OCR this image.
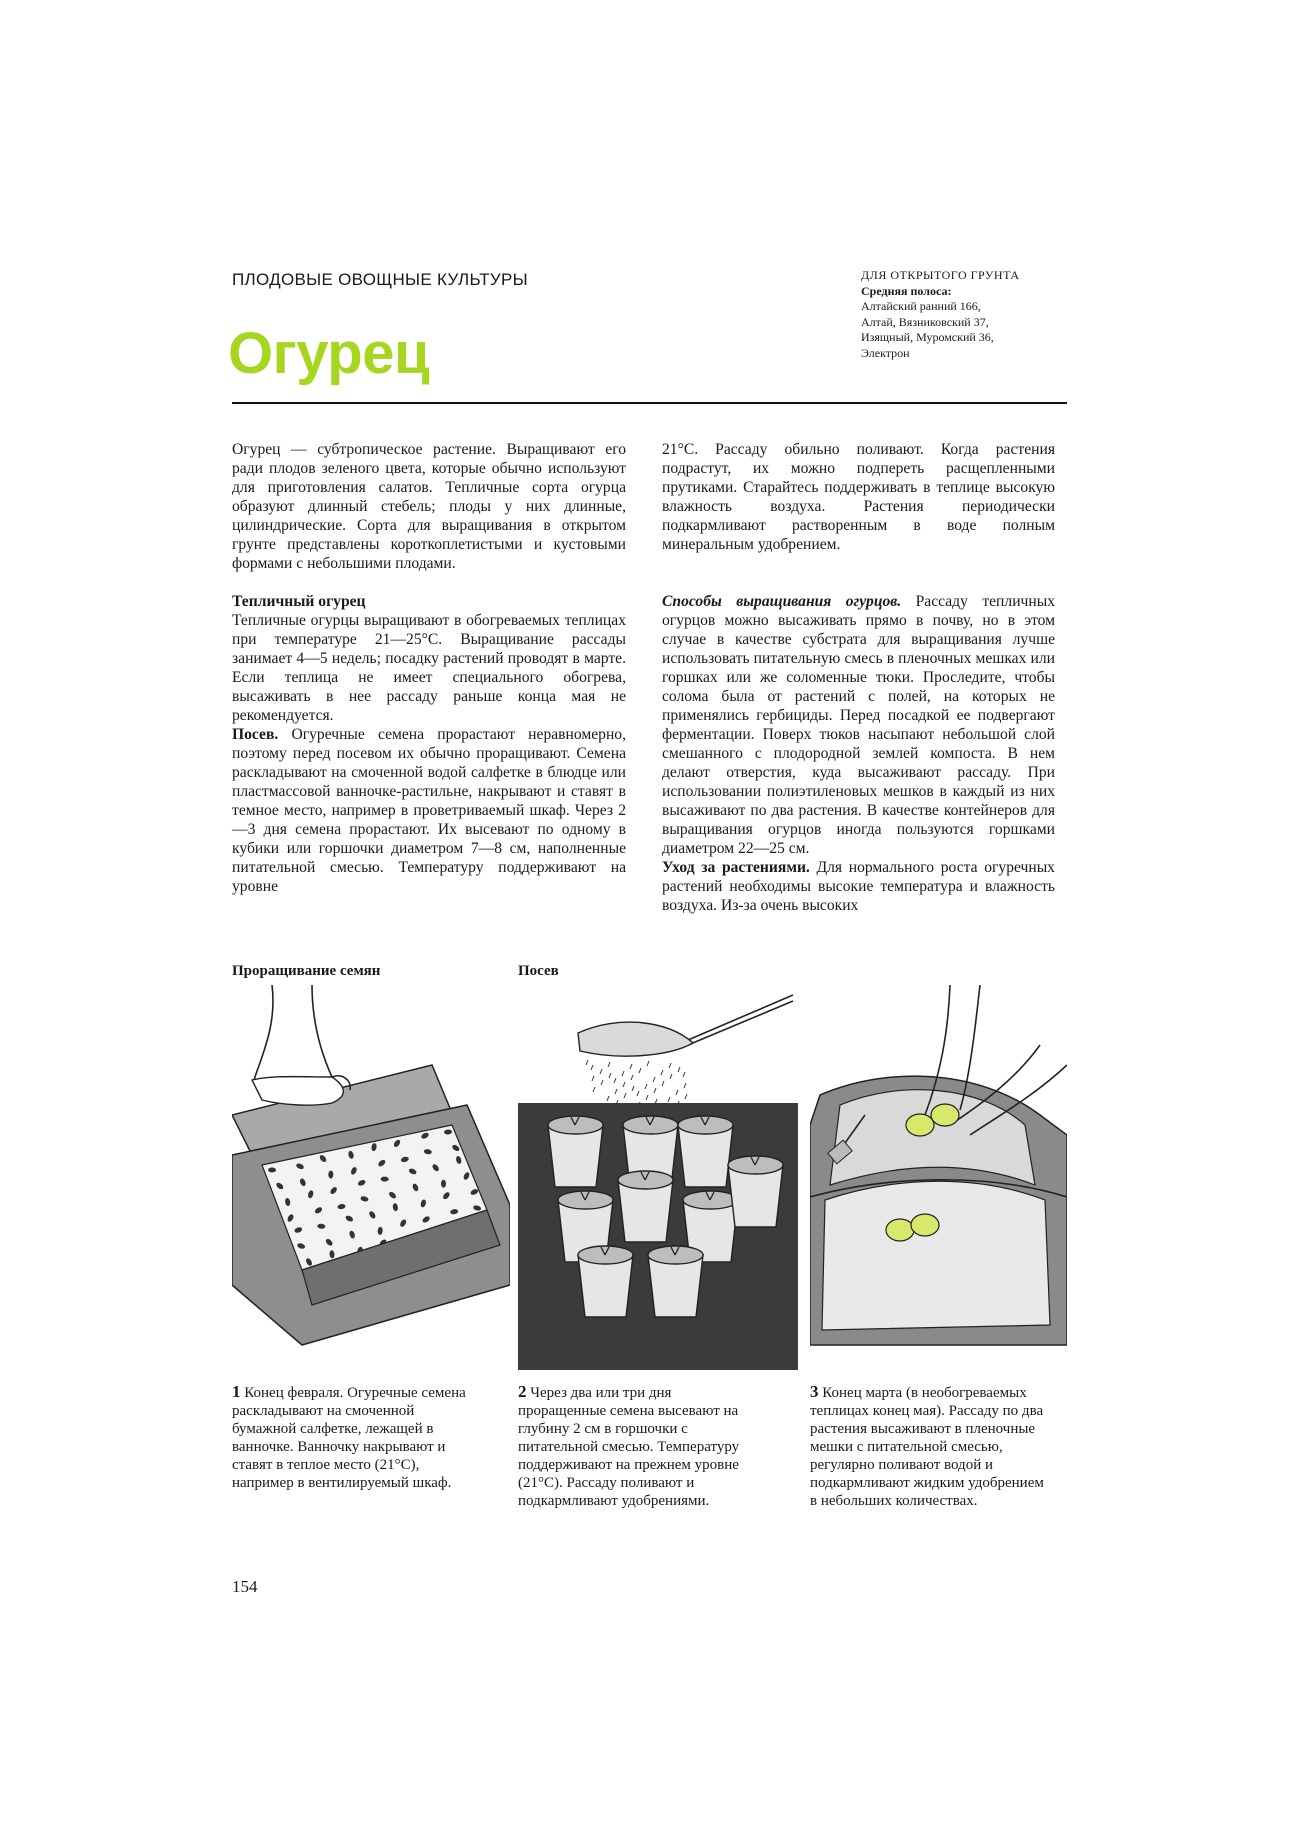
ПЛОДОВЫЕ ОВОЩНЫЕ КУЛЬТУРЫ
Огурец
ДЛЯ ОТКРЫТОГО ГРУНТА
Средняя полоса:
Алтайский ранний 166,
Алтай, Вязниковский 37,
Изящный, Муромский 36,
Электрон

Огурец — субтропическое растение. Выращивают его ради плодов зеленого цвета, которые обычно используют для приготовления салатов. Тепличные сорта огурца образуют длинный стебель; плоды у них длинные, цилиндрические. Сорта для выращивания в открытом грунте представлены короткоплетистыми и кустовыми формами с небольшими плодами.

Тепличный огурец

Тепличные огурцы выращивают в обогреваемых теплицах при температуре 21—25°С. Выращивание рассады занимает 4—5 недель; посадку растений проводят в марте. Если теплица не имеет специального обогрева, высаживать в нее рассаду раньше конца мая не рекомендуется.

Посев. Огуречные семена прорастают неравномерно, поэтому перед посевом их обычно проращивают. Семена раскладывают на смоченной водой салфетке в блюдце или пластмассовой ванночке-растильне, накрывают и ставят в темное место, например в проветриваемый шкаф. Через 2—3 дня семена прорастают. Их высевают по одному в кубики или горшочки диаметром 7—8 см, наполненные питательной смесью. Температуру поддерживают на уровне

21°С. Рассаду обильно поливают. Когда растения подрастут, их можно подпереть расщепленными прутиками. Старайтесь поддерживать в теплице высокую влажность воздуха. Растения периодически подкармливают растворенным в воде полным минеральным удобрением.

Способы выращивания огурцов. Рассаду тепличных огурцов можно высаживать прямо в почву, но в этом случае в качестве субстрата для выращивания лучше использовать питательную смесь в пленочных мешках или горшках или же соломенные тюки. Проследите, чтобы солома была от растений с полей, на которых не применялись гербициды. Перед посадкой ее подвергают ферментации. Поверх тюков насыпают небольшой слой смешанного с плодородной землей компоста. В нем делают отверстия, куда высаживают рассаду. При использовании полиэтиленовых мешков в каждый из них высаживают по два растения. В качестве контейнеров для выращивания огурцов иногда пользуются горшками диаметром 22—25 см.

Уход за растениями. Для нормального роста огуречных растений необходимы высокие температура и влажность воздуха. Из-за очень высоких

Проращивание семян	Посев
1 Конец февраля. Огуречные семена раскладывают на смоченной бумажной салфетке, лежащей в ванночке. Ванночку накрывают и ставят в теплое место (21°С), например в вентилируемый шкаф.
2 Через два или три дня проращенные семена высевают на глубину 2 см в горшочки с питательной смесью. Температуру поддерживают на прежнем уровне (21°С). Рассаду поливают и подкармливают удобрениями.
3 Конец марта (в необогреваемых теплицах конец мая). Рассаду по два растения высаживают в пленочные мешки с питательной смесью, регулярно поливают водой и подкармливают жидким удобрением в небольших количествах.
154
